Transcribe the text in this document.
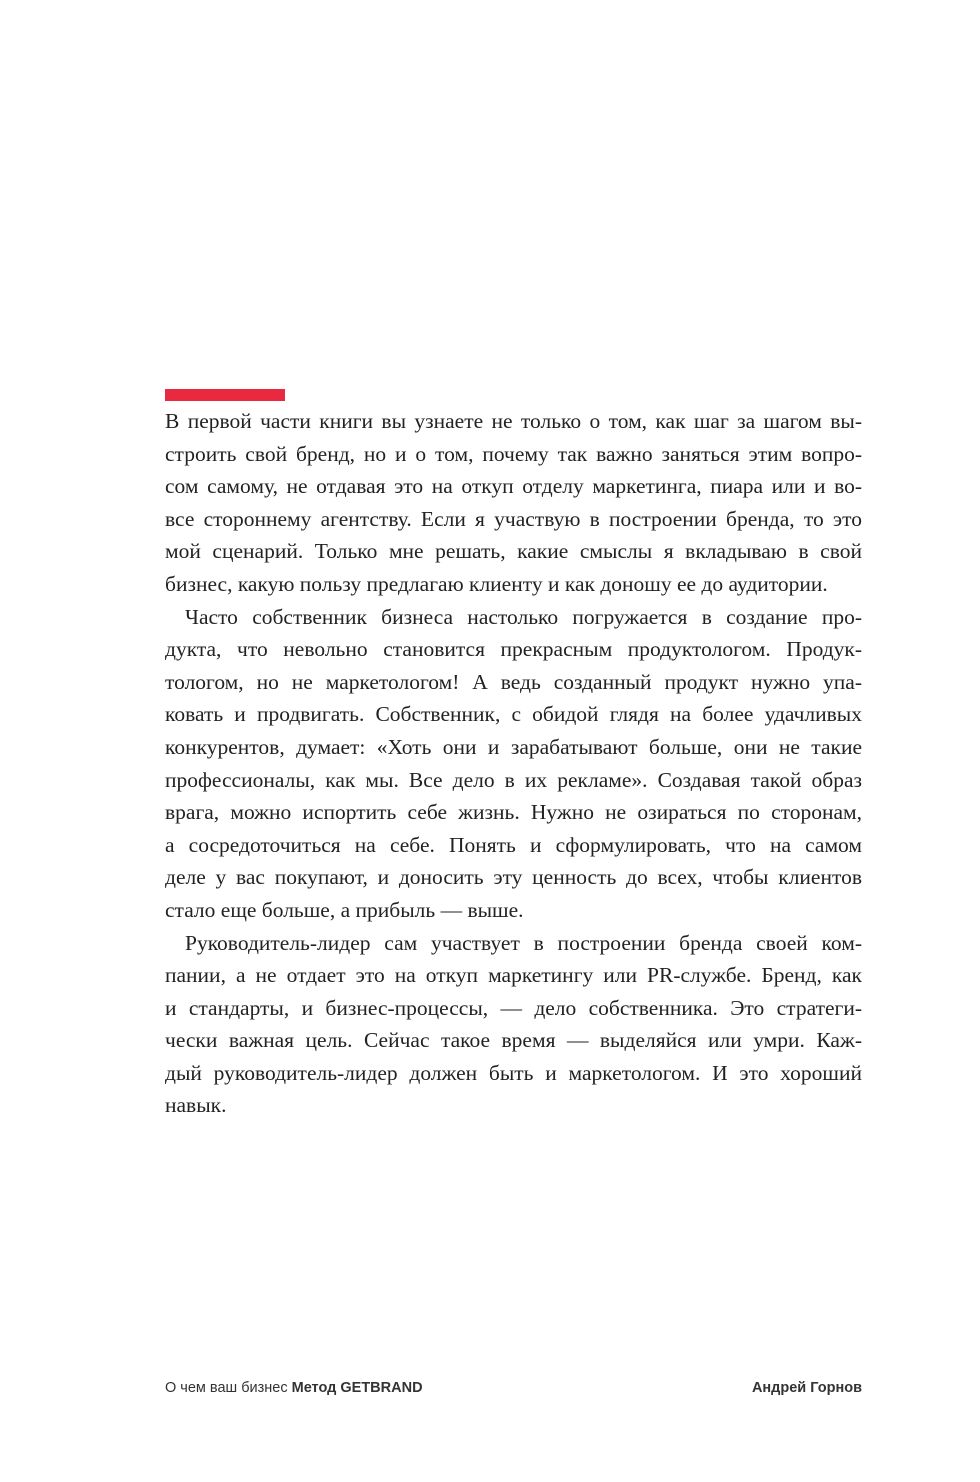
В первой части книги вы узнаете не только о том, как шаг за шагом вы-
строить свой бренд, но и о том, почему так важно заняться этим вопро-
сом самому, не отдавая это на откуп отделу маркетинга, пиара или и во-
все стороннему агентству. Если я участвую в построении бренда, то это
мой сценарий. Только мне решать, какие смыслы я вкладываю в свой
бизнес, какую пользу предлагаю клиенту и как доношу ее до аудитории.

Часто собственник бизнеса настолько погружается в создание про-
дукта, что невольно становится прекрасным продуктологом. Продук-
тологом, но не маркетологом! А ведь созданный продукт нужно упа-
ковать и продвигать. Собственник, с обидой глядя на более удачливых
конкурентов, думает: «Хоть они и зарабатывают больше, они не такие
профессионалы, как мы. Все дело в их рекламе». Создавая такой образ
врага, можно испортить себе жизнь. Нужно не озираться по сторонам,
а сосредоточиться на себе. Понять и сформулировать, что на самом
деле у вас покупают, и доносить эту ценность до всех, чтобы клиентов
стало еще больше, а прибыль — выше.

Руководитель-лидер сам участвует в построении бренда своей ком-
пании, а не отдает это на откуп маркетингу или PR-службе. Бренд, как
и стандарты, и бизнес-процессы, — дело собственника. Это стратеги-
чески важная цель. Сейчас такое время — выделяйся или умри. Каж-
дый руководитель-лидер должен быть и маркетологом. И это хороший
навык.

О чем ваш бизнес Метод GETBRAND	Андрей Горнов
